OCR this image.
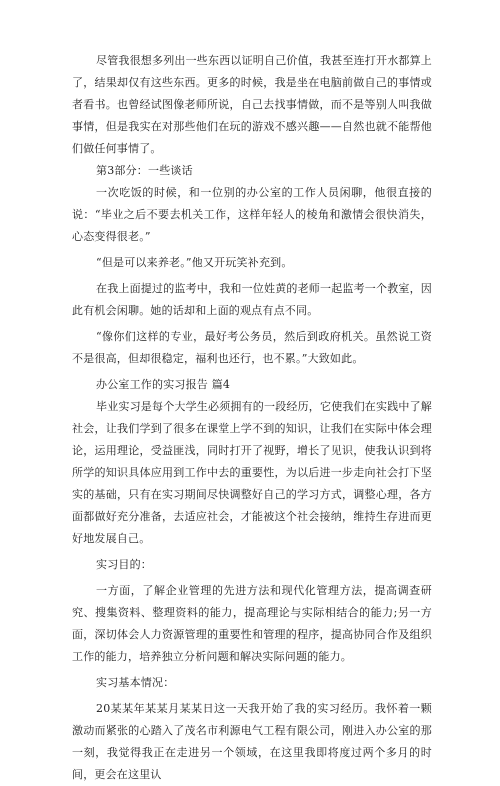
尽管我很想多列出一些东西以证明自己价值，我甚至连打开水都算上了，结果却仅有这些东西。更多的时候，我是坐在电脑前做自己的事情或者看书。也曾经试图像老师所说，自己去找事情做，而不是等别人叫我做事情，但是我实在对那些他们在玩的游戏不感兴趣——自然也就不能帮他们做任何事情了。

第3部分：一些谈话

一次吃饭的时候，和一位别的办公室的工作人员闲聊，他很直接的说：“毕业之后不要去机关工作，这样年轻人的棱角和激情会很快消失，心态变得很老。”

“但是可以来养老。”他又开玩笑补充到。

在我上面提过的监考中，我和一位姓黄的老师一起监考一个教室，因此有机会闲聊。她的话却和上面的观点有点不同。

“像你们这样的专业，最好考公务员，然后到政府机关。虽然说工资不是很高，但却很稳定，福利也还行，也不累。”大致如此。

办公室工作的实习报告 篇4

毕业实习是每个大学生必须拥有的一段经历，它使我们在实践中了解社会，让我们学到了很多在课堂上学不到的知识，让我们在实际中体会理论，运用理论，受益匪浅，同时打开了视野，增长了见识，使我认识到将所学的知识具体应用到工作中去的重要性，为以后进一步走向社会打下坚实的基础，只有在实习期间尽快调整好自己的学习方式，调整心理，各方面都做好充分准备，去适应社会，才能被这个社会接纳，维持生存进而更好地发展自己。

实习目的：

一方面，了解企业管理的先进方法和现代化管理方法，提高调查研究、搜集资料、整理资料的能力，提高理论与实际相结合的能力;另一方面，深切体会人力资源管理的重要性和管理的程序，提高协同合作及组织工作的能力，培养独立分析问题和解决实际问题的能力。

实习基本情况：

20某某年某某月某某日这一天我开始了我的实习经历。我怀着一颗激动而紧张的心踏入了茂名市利源电气工程有限公司，刚进入办公室的那一刻，我觉得我正在走进另一个领域，在这里我即将度过两个多月的时间，更会在这里认
